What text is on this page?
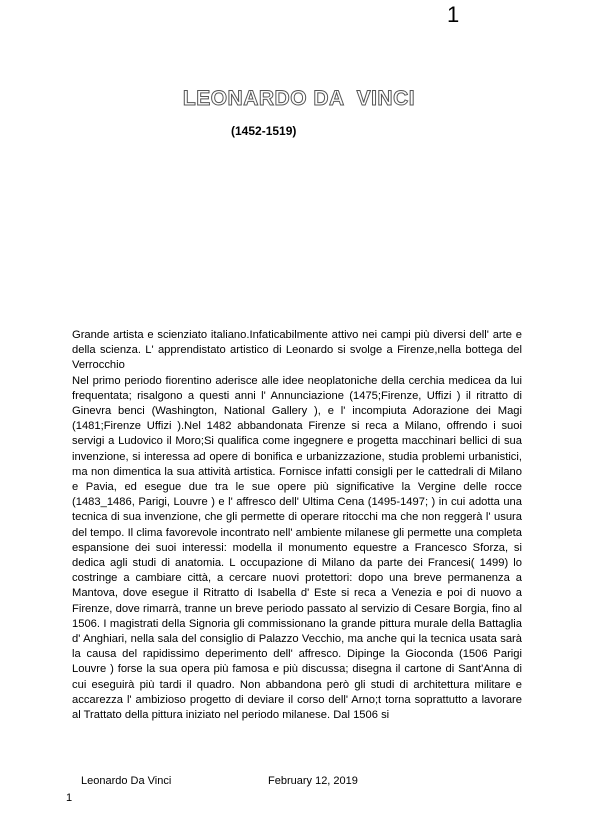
1
LEONARDO DA  VINCI
(1452-1519)

Grande artista e scienziato italiano.Infaticabilmente attivo nei campi più diversi dell' arte e della scienza. L' apprendistato artistico di Leonardo si svolge a Firenze,nella bottega del Verrocchio

Nel primo periodo fiorentino aderisce alle idee neoplatoniche della cerchia medicea da lui frequentata; risalgono a questi anni l' Annunciazione (1475;Firenze, Uffizi ) il ritratto di Ginevra benci (Washington, National Gallery ), e l' incompiuta Adorazione dei Magi (1481;Firenze Uffizi ).Nel 1482 abbandonata Firenze si reca a Milano, offrendo i suoi servigi a Ludovico il Moro;Si qualifica come ingegnere e progetta macchinari bellici di sua invenzione, si interessa ad opere di bonifica e urbanizzazione, studia problemi urbanistici, ma non dimentica la sua attività artistica. Fornisce infatti consigli per le cattedrali di Milano e Pavia, ed esegue due tra le sue opere più significative la Vergine delle rocce (1483_1486, Parigi, Louvre ) e l' affresco dell' Ultima Cena (1495-1497; ) in cui adotta una tecnica di sua invenzione, che gli permette di operare ritocchi ma che non reggerà l' usura del tempo. Il clima favorevole incontrato nell' ambiente milanese gli permette una completa espansione dei suoi interessi: modella il monumento equestre a Francesco Sforza, si dedica agli studi di anatomia. L occupazione di Milano da parte dei Francesi( 1499) lo costringe a cambiare città, a cercare nuovi protettori: dopo una breve permanenza a Mantova, dove esegue il Ritratto di Isabella d' Este si reca a Venezia e poi di nuovo a Firenze, dove rimarrà, tranne un breve periodo passato al servizio di Cesare Borgia, fino al 1506. I magistrati della Signoria gli commissionano la grande pittura murale della Battaglia d' Anghiari, nella sala del consiglio di Palazzo Vecchio, ma anche qui la tecnica usata sarà la causa del rapidissimo deperimento dell' affresco. Dipinge la Gioconda (1506 Parigi Louvre ) forse la sua opera più famosa e più discussa; disegna il cartone di Sant'Anna di cui eseguirà più tardi il quadro. Non abbandona però gli studi di architettura militare e accarezza l' ambizioso progetto di deviare il corso dell' Arno;t torna soprattutto a lavorare al Trattato della pittura iniziato nel periodo milanese. Dal 1506 si

Leonardo Da Vinci	February 12, 2019
1
